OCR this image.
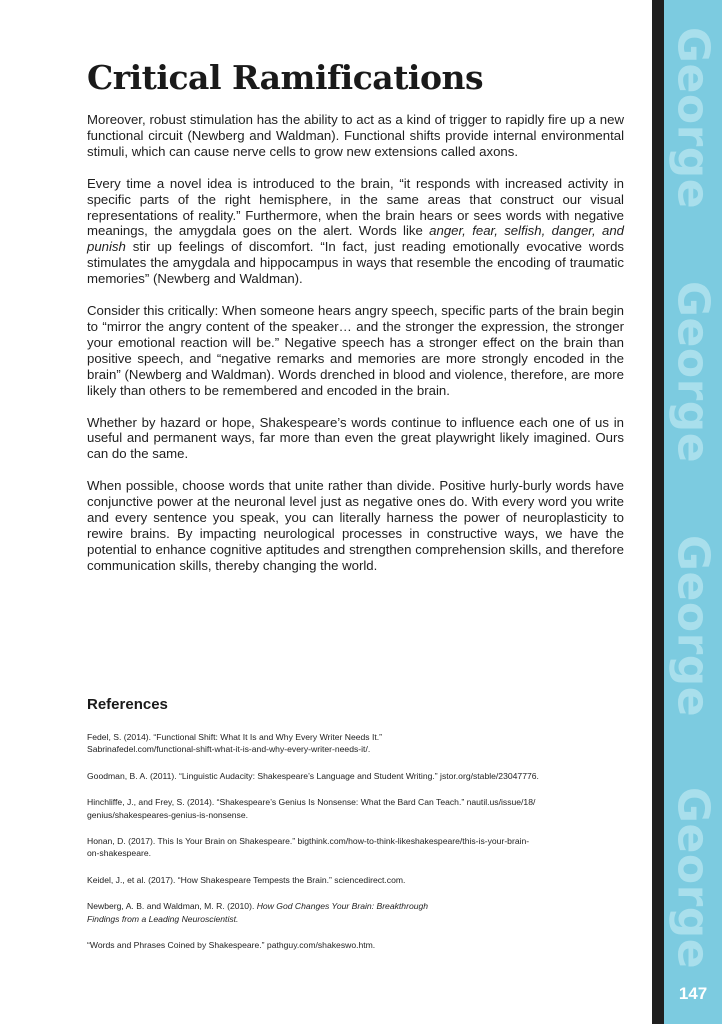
Critical Ramifications

Moreover, robust stimulation has the ability to act as a kind of trigger to rapidly fire up a new functional circuit (Newberg and Waldman). Functional shifts provide internal environmental stimuli, which can cause nerve cells to grow new extensions called axons.

Every time a novel idea is introduced to the brain, “it responds with increased activity in specific parts of the right hemisphere, in the same areas that construct our visual representations of reality.” Furthermore, when the brain hears or sees words with negative meanings, the amygdala goes on the alert. Words like anger, fear, selfish, danger, and punish stir up feelings of discomfort. “In fact, just reading emotionally evocative words stimulates the amygdala and hippocampus in ways that resemble the encoding of traumatic memories” (Newberg and Waldman).

Consider this critically: When someone hears angry speech, specific parts of the brain begin to “mirror the angry content of the speaker… and the stronger the expression, the stronger your emotional reaction will be.” Negative speech has a stronger effect on the brain than positive speech, and “negative remarks and memories are more strongly encoded in the brain” (Newberg and Waldman). Words drenched in blood and violence, therefore, are more likely than others to be remembered and encoded in the brain.

Whether by hazard or hope, Shakespeare’s words continue to influence each one of us in useful and permanent ways, far more than even the great playwright likely imagined. Ours can do the same.

When possible, choose words that unite rather than divide. Positive hurly-burly words have conjunctive power at the neuronal level just as negative ones do. With every word you write and every sentence you speak, you can literally harness the power of neuroplasticity to rewire brains. By impacting neurological processes in constructive ways, we have the potential to enhance cognitive aptitudes and strengthen comprehension skills, and therefore communication skills, thereby changing the world.

References

Fedel, S. (2014). “Functional Shift: What It Is and Why Every Writer Needs It.”
Sabrinafedel.com/functional-shift-what-it-is-and-why-every-writer-needs-it/.

Goodman, B. A. (2011). “Linguistic Audacity: Shakespeare’s Language and Student Writing.” jstor.org/stable/23047776.

Hinchliffe, J., and Frey, S. (2014). “Shakespeare’s Genius Is Nonsense: What the Bard Can Teach.” nautil.us/issue/18/
genius/shakespeares-genius-is-nonsense.

Honan, D. (2017). This Is Your Brain on Shakespeare.” bigthink.com/how-to-think-likeshakespeare/this-is-your-brain-
on-shakespeare.

Keidel, J., et al. (2017). “How Shakespeare Tempests the Brain.” sciencedirect.com.

Newberg, A. B. and Waldman, M. R. (2010). How God Changes Your Brain: Breakthrough
Findings from a Leading Neuroscientist.

“Words and Phrases Coined by Shakespeare.” pathguy.com/shakeswo.htm.

George
George
George
George
147
